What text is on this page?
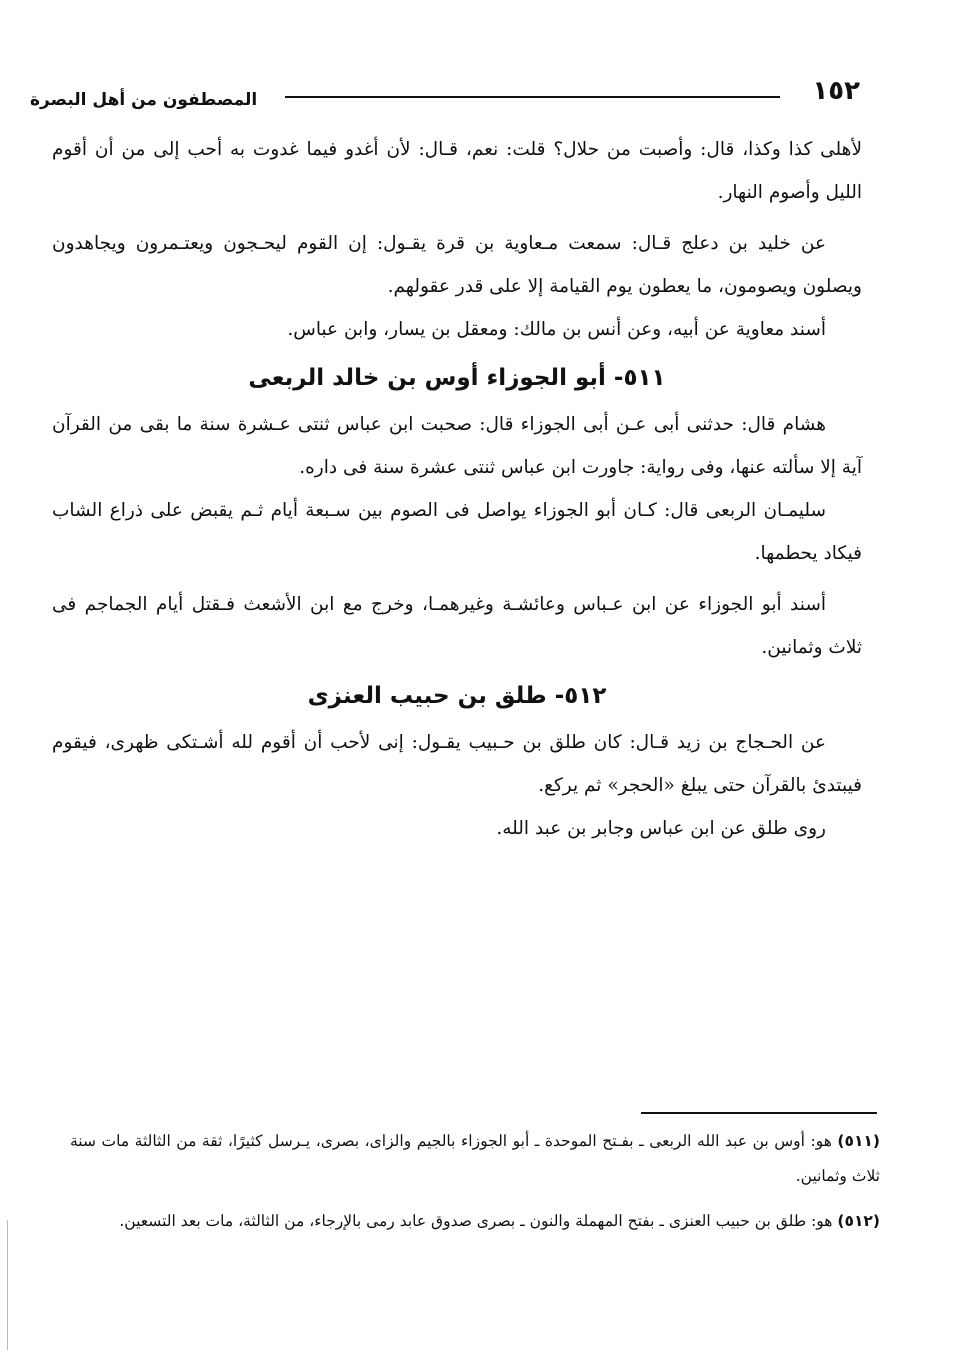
١٥٢
المصطفون من أهل البصرة

لأهلى كذا وكذا، قال: وأصبت من حلال؟ قلت: نعم، قـال: لأن أغدو فيما غدوت به أحب إلى من أن أقوم الليل وأصوم النهار.

عن خليد بن دعلج قـال: سمعت مـعاوية بن قرة يقـول: إن القوم ليحـجون ويعتـمرون ويجاهدون ويصلون ويصومون، ما يعطون يوم القيامة إلا على قدر عقولهم.

أسند معاوية عن أبيه، وعن أنس بن مالك: ومعقل بن يسار، وابن عباس.

٥١١- أبو الجوزاء أوس بن خالد الربعى

هشام قال: حدثنى أبى عـن أبى الجوزاء قال: صحبت ابن عباس ثنتى عـشرة سنة ما بقى من القرآن آية إلا سألته عنها، وفى رواية: جاورت ابن عباس ثنتى عشرة سنة فى داره.

سليمـان الربعى قال: كـان أبو الجوزاء يواصل فى الصوم بين سـبعة أيام ثـم يقبض على ذراع الشاب فيكاد يحطمها.

أسند أبو الجوزاء عن ابن عـباس وعائشـة وغيرهمـا، وخرج مع ابن الأشعث فـقتل أيام الجماجم فى ثلاث وثمانين.

٥١٢- طلق بن حبيب العنزى

عن الحـجاج بن زيد قـال: كان طلق بن حـبيب يقـول: إنى لأحب أن أقوم لله أشـتكى ظهرى، فيقوم فيبتدئ بالقرآن حتى يبلغ «الحجر» ثم يركع.

روى طلق عن ابن عباس وجابر بن عبد الله.

(٥١١) هو: أوس بن عبد الله الربعى ـ بفـتح الموحدة ـ أبو الجوزاء بالجيم والزاى، بصرى، يـرسل كثيرًا، ثقة من الثالثة مات سنة ثلاث وثمانين.

(٥١٢) هو: طلق بن حبيب العنزى ـ بفتح المهملة والنون ـ بصرى صدوق عابد رمى بالإرجاء، من الثالثة، مات بعد التسعين.
